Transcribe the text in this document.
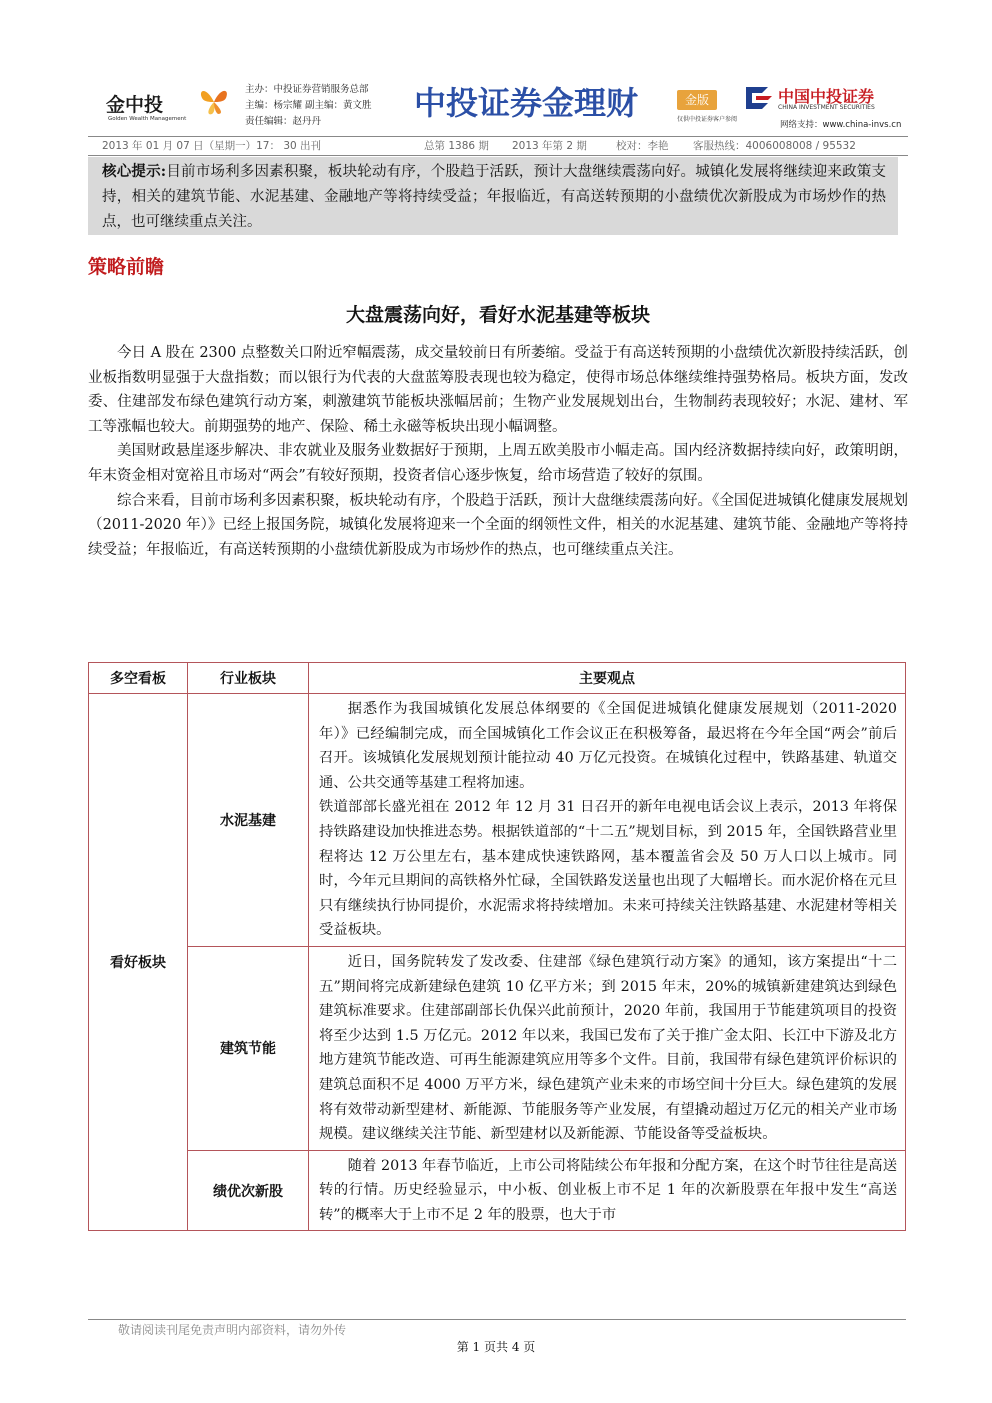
金中投
Golden Wealth Management
主办：中投证券营销服务总部
主编：杨宗耀 副主编：黄文胜
责任编辑：赵丹丹	中投证券金理财	金版
仅供中投证券客户参阅
中国中投证券
CHINA INVESTMENT SECURITIES
网络支持：www.china-invs.cn
2013 年 01 月 07 日（星期一）17： 30 出刊	总第 1386 期 2013 年第 2 期	校对：李艳 客服热线：4006008008 / 95532

核心提示:目前市场利多因素积聚，板块轮动有序，个股趋于活跃，预计大盘继续震荡向好。城镇化发展将继续迎来政策支持，相关的建筑节能、水泥基建、金融地产等将持续受益；年报临近，有高送转预期的小盘绩优次新股成为市场炒作的热点，也可继续重点关注。

策略前瞻
大盘震荡向好，看好水泥基建等板块

今日 A 股在 2300 点整数关口附近窄幅震荡，成交量较前日有所萎缩。受益于有高送转预期的小盘绩优次新股持续活跃，创业板指数明显强于大盘指数；而以银行为代表的大盘蓝筹股表现也较为稳定，使得市场总体继续维持强势格局。板块方面，发改委、住建部发布绿色建筑行动方案，刺激建筑节能板块涨幅居前；生物产业发展规划出台，生物制药表现较好；水泥、建材、军工等涨幅也较大。前期强势的地产、保险、稀土永磁等板块出现小幅调整。

美国财政悬崖逐步解决、非农就业及服务业数据好于预期，上周五欧美股市小幅走高。国内经济数据持续向好，政策明朗，年末资金相对宽裕且市场对“两会”有较好预期，投资者信心逐步恢复，给市场营造了较好的氛围。

综合来看，目前市场利多因素积聚，板块轮动有序，个股趋于活跃，预计大盘继续震荡向好。《全国促进城镇化健康发展规划（2011-2020 年）》已经上报国务院，城镇化发展将迎来一个全面的纲领性文件，相关的水泥基建、建筑节能、金融地产等将持续受益；年报临近，有高送转预期的小盘绩优新股成为市场炒作的热点，也可继续重点关注。

多空看板	行业板块	主要观点
看好板块	水泥基建	据悉作为我国城镇化发展总体纲要的《全国促进城镇化健康发展规划（2011-2020 年）》已经编制完成，而全国城镇化工作会议正在积极筹备，最迟将在今年全国“两会”前后召开。该城镇化发展规划预计能拉动 40 万亿元投资。在城镇化过程中，铁路基建、轨道交通、公共交通等基建工程将加速。

铁道部部长盛光祖在 2012 年 12 月 31 日召开的新年电视电话会议上表示，2013 年将保持铁路建设加快推进态势。根据铁道部的“十二五”规划目标，到 2015 年，全国铁路营业里程将达 12 万公里左右，基本建成快速铁路网，基本覆盖省会及 50 万人口以上城市。同时，今年元旦期间的高铁格外忙碌，全国铁路发送量也出现了大幅增长。而水泥价格在元旦只有继续执行协同提价，水泥需求将持续增加。未来可持续关注铁路基建、水泥建材等相关受益板块。

	建筑节能	近日，国务院转发了发改委、住建部《绿色建筑行动方案》的通知，该方案提出“十二五”期间将完成新建绿色建筑 10 亿平方米；到 2015 年末，20%的城镇新建建筑达到绿色建筑标准要求。住建部副部长仇保兴此前预计，2020 年前，我国用于节能建筑项目的投资将至少达到 1.5 万亿元。2012 年以来，我国已发布了关于推广金太阳、长江中下游及北方地方建筑节能改造、可再生能源建筑应用等多个文件。目前，我国带有绿色建筑评价标识的建筑总面积不足 4000 万平方米，绿色建筑产业未来的市场空间十分巨大。绿色建筑的发展将有效带动新型建材、新能源、节能服务等产业发展，有望撬动超过万亿元的相关产业市场规模。建议继续关注节能、新型建材以及新能源、节能设备等受益板块。

	绩优次新股	随着 2013 年春节临近，上市公司将陆续公布年报和分配方案，在这个时节往往是高送转的行情。历史经验显示，中小板、创业板上市不足 1 年的次新股票在年报中发生“高送转”的概率大于上市不足 2 年的股票，也大于市

敬请阅读刊尾免责声明内部资料，请勿外传
第 1 页共 4 页
